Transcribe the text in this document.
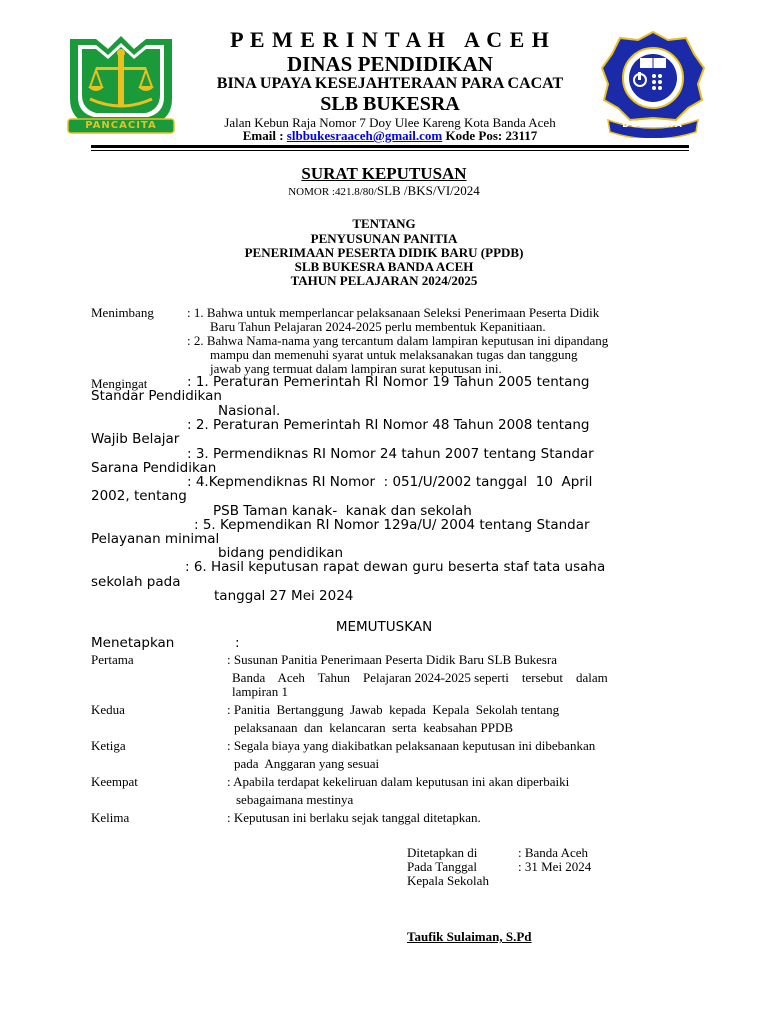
PANCACITA	BUKESRA
P E M E R I N T A H   A C E H
DINAS PENDIDIKAN
BINA UPAYA KESEJAHTERAAN PARA CACAT
SLB BUKESRA
Jalan Kebun Raja Nomor 7 Doy Ulee Kareng Kota Banda Aceh
Email : slbbukesraaceh@gmail.com Kode Pos: 23117
SURAT KEPUTUSAN
NOMOR :421.8/80/SLB /BKS/VI/2024
TENTANG
PENYUSUNAN PANITIA
PENERIMAAN PESERTA DIDIK BARU (PPDB)
SLB BUKESRA BANDA ACEH
TAHUN PELAJARAN 2024/2025
Menimbang	: 1. Bahwa untuk memperlancar pelaksanaan Seleksi Penerimaan Peserta Didik
Baru Tahun Pelajaran 2024-2025 perlu membentuk Kepanitiaan.
: 2. Bahwa Nama-nama yang tercantum dalam lampiran keputusan ini dipandang
mampu dan memenuhi syarat untuk melaksanakan tugas dan tanggung
jawab yang termuat dalam lampiran surat keputusan ini.
Mengingat	: 1. Peraturan Pemerintah RI Nomor 19 Tahun 2005 tentang
Standar Pendidikan
Nasional.
: 2. Peraturan Pemerintah RI Nomor 48 Tahun 2008 tentang
Wajib Belajar
: 3. Permendiknas RI Nomor 24 tahun 2007 tentang Standar
Sarana Pendidikan
: 4.Kepmendiknas RI Nomor  : 051/U/2002 tanggal  10  April
2002, tentang
PSB Taman kanak-  kanak dan sekolah
: 5. Kepmendikan RI Nomor 129a/U/ 2004 tentang Standar
Pelayanan minimal
bidang pendidikan
: 6. Hasil keputusan rapat dewan guru beserta staf tata usaha
sekolah pada
tanggal 27 Mei 2024
MEMUTUSKAN
Menetapkan	:
Pertama	: Susunan Panitia Penerimaan Peserta Didik Baru SLB Bukesra
Banda    Aceh    Tahun    Pelajaran 2024-2025 seperti    tersebut    dalam
lampiran 1
Kedua	: Panitia  Bertanggung  Jawab  kepada  Kepala  Sekolah tentang
pelaksanaan  dan  kelancaran  serta  keabsahan PPDB
Ketiga	: Segala biaya yang diakibatkan pelaksanaan keputusan ini dibebankan
pada  Anggaran yang sesuai
Keempat	: Apabila terdapat kekeliruan dalam keputusan ini akan diperbaiki
sebagaimana mestinya
Kelima	: Keputusan ini berlaku sejak tanggal ditetapkan.
Ditetapkan di	: Banda Aceh
Pada Tanggal	: 31 Mei 2024
Kepala Sekolah
Taufik Sulaiman, S.Pd
